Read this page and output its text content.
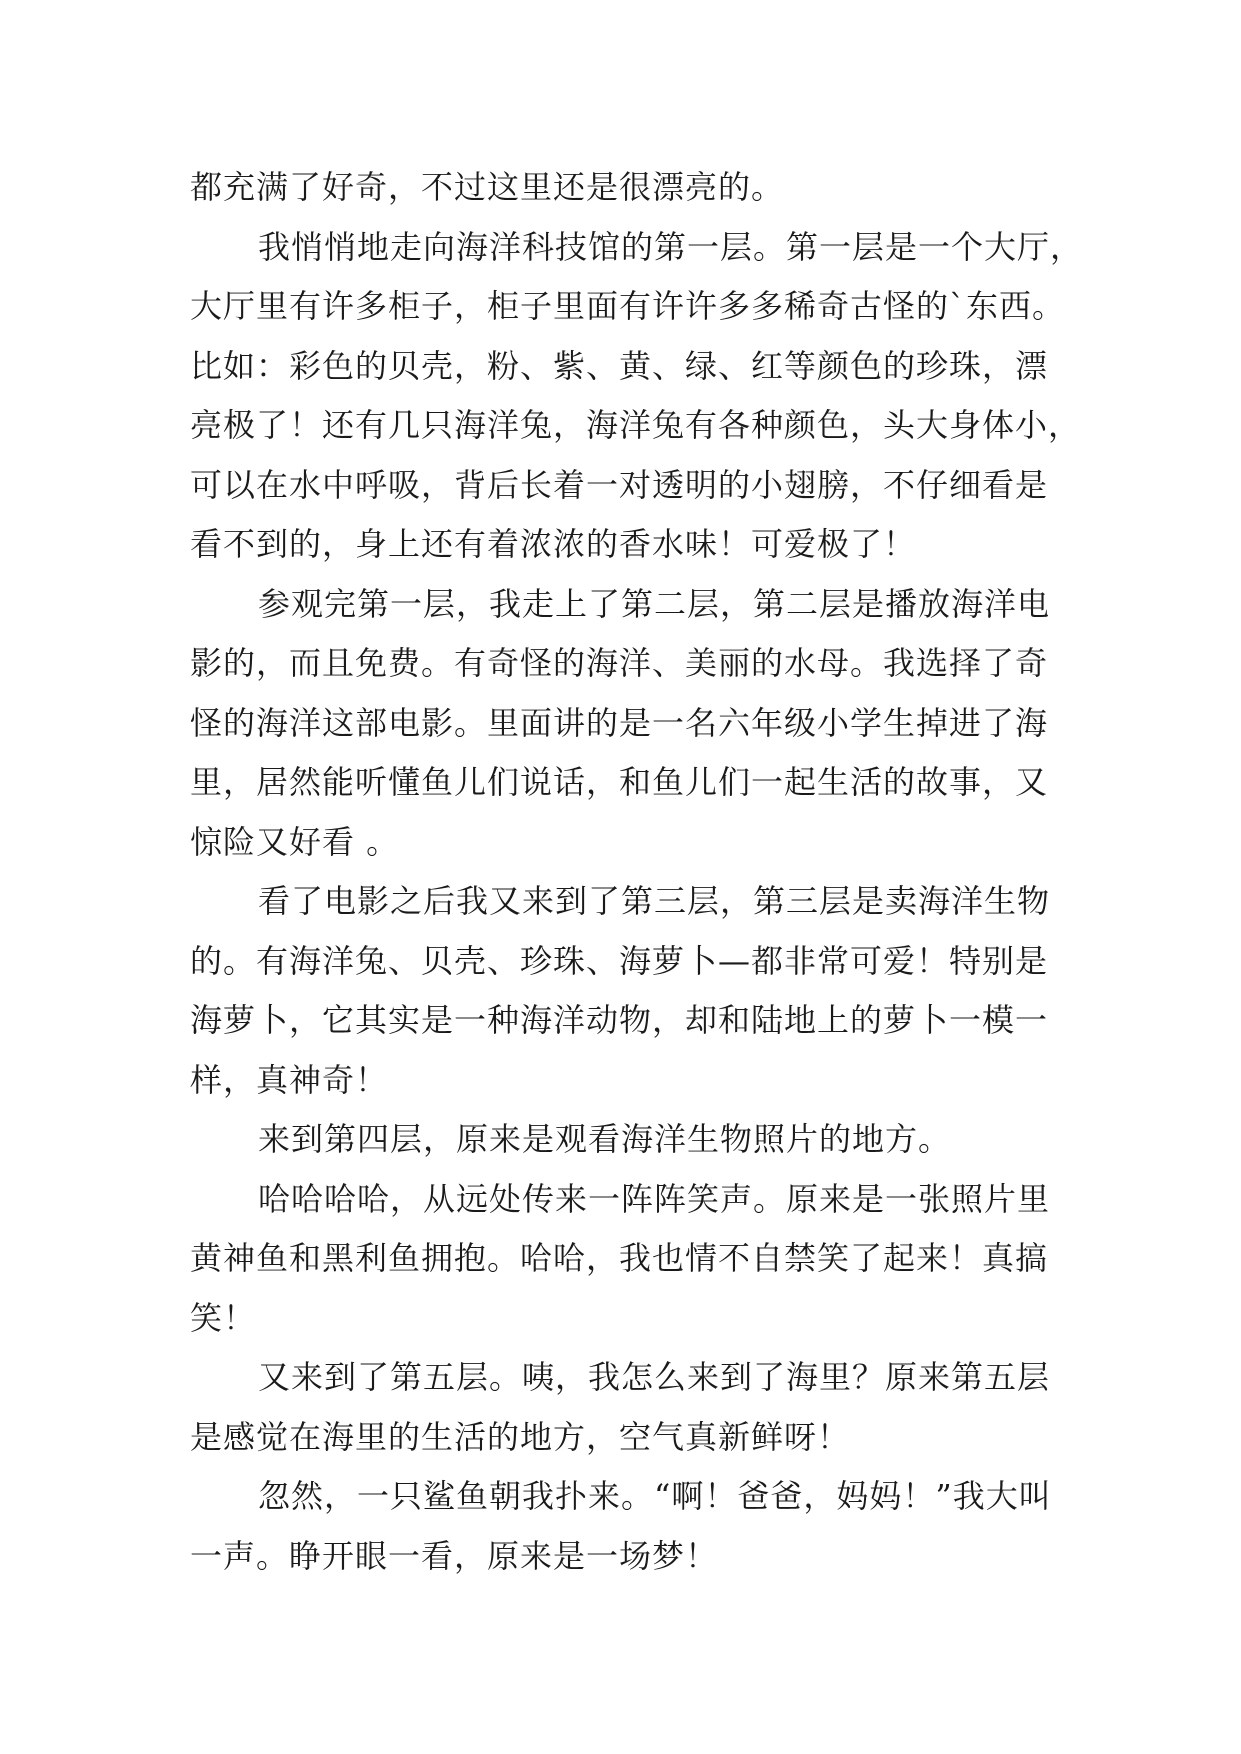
都充满了好奇，不过这里还是很漂亮的。
我悄悄地走向海洋科技馆的第一层。第一层是一个大厅，
大厅里有许多柜子，柜子里面有许许多多稀奇古怪的`东西。
比如：彩色的贝壳，粉、紫、黄、绿、红等颜色的珍珠，漂
亮极了！还有几只海洋兔，海洋兔有各种颜色，头大身体小，
可以在水中呼吸，背后长着一对透明的小翅膀，不仔细看是
看不到的，身上还有着浓浓的香水味！可爱极了！
参观完第一层，我走上了第二层，第二层是播放海洋电
影的，而且免费。有奇怪的海洋、美丽的水母。我选择了奇
怪的海洋这部电影。里面讲的是一名六年级小学生掉进了海
里，居然能听懂鱼儿们说话，和鱼儿们一起生活的故事，又
惊险又好看 。
看了电影之后我又来到了第三层，第三层是卖海洋生物
的。有海洋兔、贝壳、珍珠、海萝卜—都非常可爱！特别是
海萝卜，它其实是一种海洋动物，却和陆地上的萝卜一模一
样，真神奇！
来到第四层，原来是观看海洋生物照片的地方。
哈哈哈哈，从远处传来一阵阵笑声。原来是一张照片里
黄神鱼和黑利鱼拥抱。哈哈，我也情不自禁笑了起来！真搞
笑！
又来到了第五层。咦，我怎么来到了海里？原来第五层
是感觉在海里的生活的地方，空气真新鲜呀！
忽然，一只鲨鱼朝我扑来。“啊！爸爸，妈妈！”我大叫
一声。睁开眼一看，原来是一场梦！
